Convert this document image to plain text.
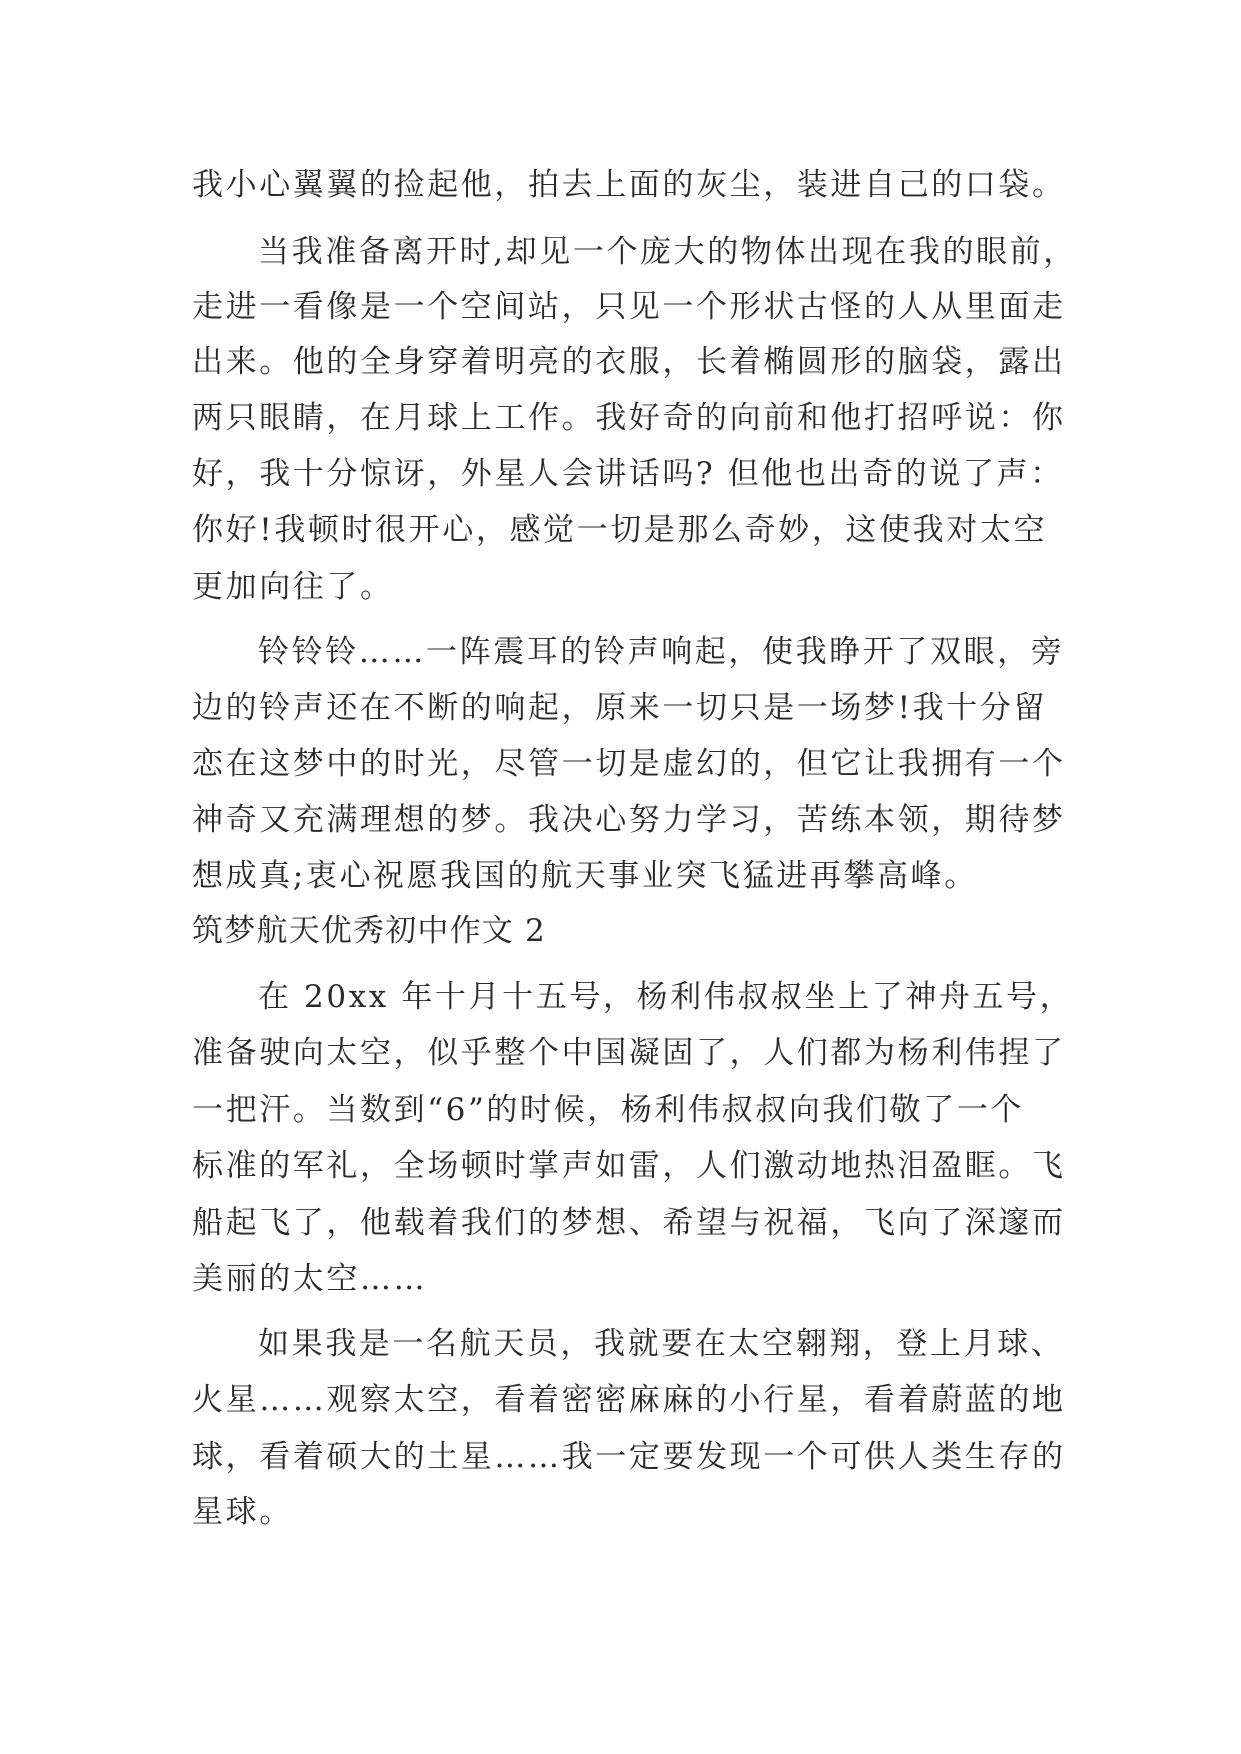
我小心翼翼的捡起他，拍去上面的灰尘，装进自己的口袋。
当我准备离开时,却见一个庞大的物体出现在我的眼前，
走进一看像是一个空间站，只见一个形状古怪的人从里面走
出来。他的全身穿着明亮的衣服，长着椭圆形的脑袋，露出
两只眼睛，在月球上工作。我好奇的向前和他打招呼说：你
好，我十分惊讶，外星人会讲话吗? 但他也出奇的说了声：
你好!我顿时很开心，感觉一切是那么奇妙，这使我对太空
更加向往了。
铃铃铃……一阵震耳的铃声响起，使我睁开了双眼，旁
边的铃声还在不断的响起，原来一切只是一场梦!我十分留
恋在这梦中的时光，尽管一切是虚幻的，但它让我拥有一个
神奇又充满理想的梦。我决心努力学习，苦练本领，期待梦
想成真;衷心祝愿我国的航天事业突飞猛进再攀高峰。
筑梦航天优秀初中作文 2
在 20xx 年十月十五号，杨利伟叔叔坐上了神舟五号，
准备驶向太空，似乎整个中国凝固了，人们都为杨利伟捏了
一把汗。当数到“6”的时候，杨利伟叔叔向我们敬了一个
标准的军礼，全场顿时掌声如雷，人们激动地热泪盈眶。飞
船起飞了，他载着我们的梦想、希望与祝福，飞向了深邃而
美丽的太空……
如果我是一名航天员，我就要在太空翱翔，登上月球、
火星……观察太空，看着密密麻麻的小行星，看着蔚蓝的地
球，看着硕大的土星……我一定要发现一个可供人类生存的
星球。
